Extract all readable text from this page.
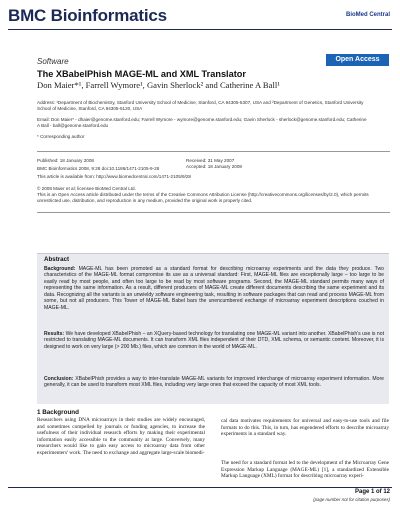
BMC Bioinformatics	BioMed Central
Software	Open Access
The XBabelPhish MAGE-ML and XML Translator
Don Maier*¹, Farrell Wymore¹, Gavin Sherlock² and Catherine A Ball¹
Address: ¹Department of Biochemistry, Stanford University School of Medicine, Stanford, CA 94305-5307, USA and ²Department of Genetics, Stanford University School of Medicine, Stanford, CA 94305-5120, USA
Email: Don Maier* - dhaier@genome.stanford.edu; Farrell Wymore - wymore@genome.stanford.edu; Gavin Sherlock - sherlock@genome.stanford.edu; Catherine A Ball - ball@genome.stanford.edu
* Corresponding author
Published: 18 January 2008
BMC Bioinformatics 2008, 9:28 doi:10.1186/1471-2105-9-28
This article is available from: http://www.biomedcentral.com/1471-2105/9/28
Received: 31 May 2007
Accepted: 18 January 2008
© 2008 Maier et al; licensee BioMed Central Ltd.
This is an Open Access article distributed under the terms of the Creative Commons Attribution License (http://creativecommons.org/licenses/by/2.0), which permits unrestricted use, distribution, and reproduction in any medium, provided the original work is properly cited.
Abstract
Background: MAGE-ML has been promoted as a standard format for describing microarray experiments and the data they produce. Two characteristics of the MAGE-ML format compromise its use as a universal standard: First, MAGE-ML files are exceptionally large – too large to be easily read by most people, and often too large to be read by most software programs. Second, the MAGE-ML standard permits many ways of representing the same information. As a result, different producers of MAGE-ML create different documents describing the same experiment and its data. Recognizing all the variants is an unwieldy software engineering task, resulting in software packages that can read and process MAGE-ML from some, but not all producers. This Tower of MAGE-ML Babel bars the unencumbered exchange of microarray experiment descriptions couched in MAGE-ML.
Results: We have developed XBabelPhish – an XQuery-based technology for translating one MAGE-ML variant into another. XBabelPhish's use is not restricted to translating MAGE-ML documents. It can transform XML files independent of their DTD, XML schema, or semantic content. Moreover, it is designed to work on very large (> 200 Mb.) files, which are common in the world of MAGE-ML.
Conclusion: XBabelPhish provides a way to inter-translate MAGE-ML variants for improved interchange of microarray experiment information. More generally, it can be used to transform most XML files, including very large ones that exceed the capacity of most XML tools.
1 Background
Researchers using DNA microarrays in their studies are widely encouraged, and sometimes compelled by journals or funding agencies, to increase the usefulness of their individual research efforts by making their experimental information easily accessible to the community at large. Conversely, many researchers would like to gain easy access to microarray data from other experimenters' work. The need to exchange and aggregate large-scale biomedi-
cal data motivates requirements for universal and easy-to-use tools and file formats to do this. This, in turn, has engendered efforts to describe microarray experiments in a standard way.
The need for a standard format led to the development of the Microarray Gene Expression Markup Language (MAGE-ML) [1], a standardized Extensible Markup Language (XML) format for describing microarray experi-
Page 1 of 12
(page number not for citation purposes)
